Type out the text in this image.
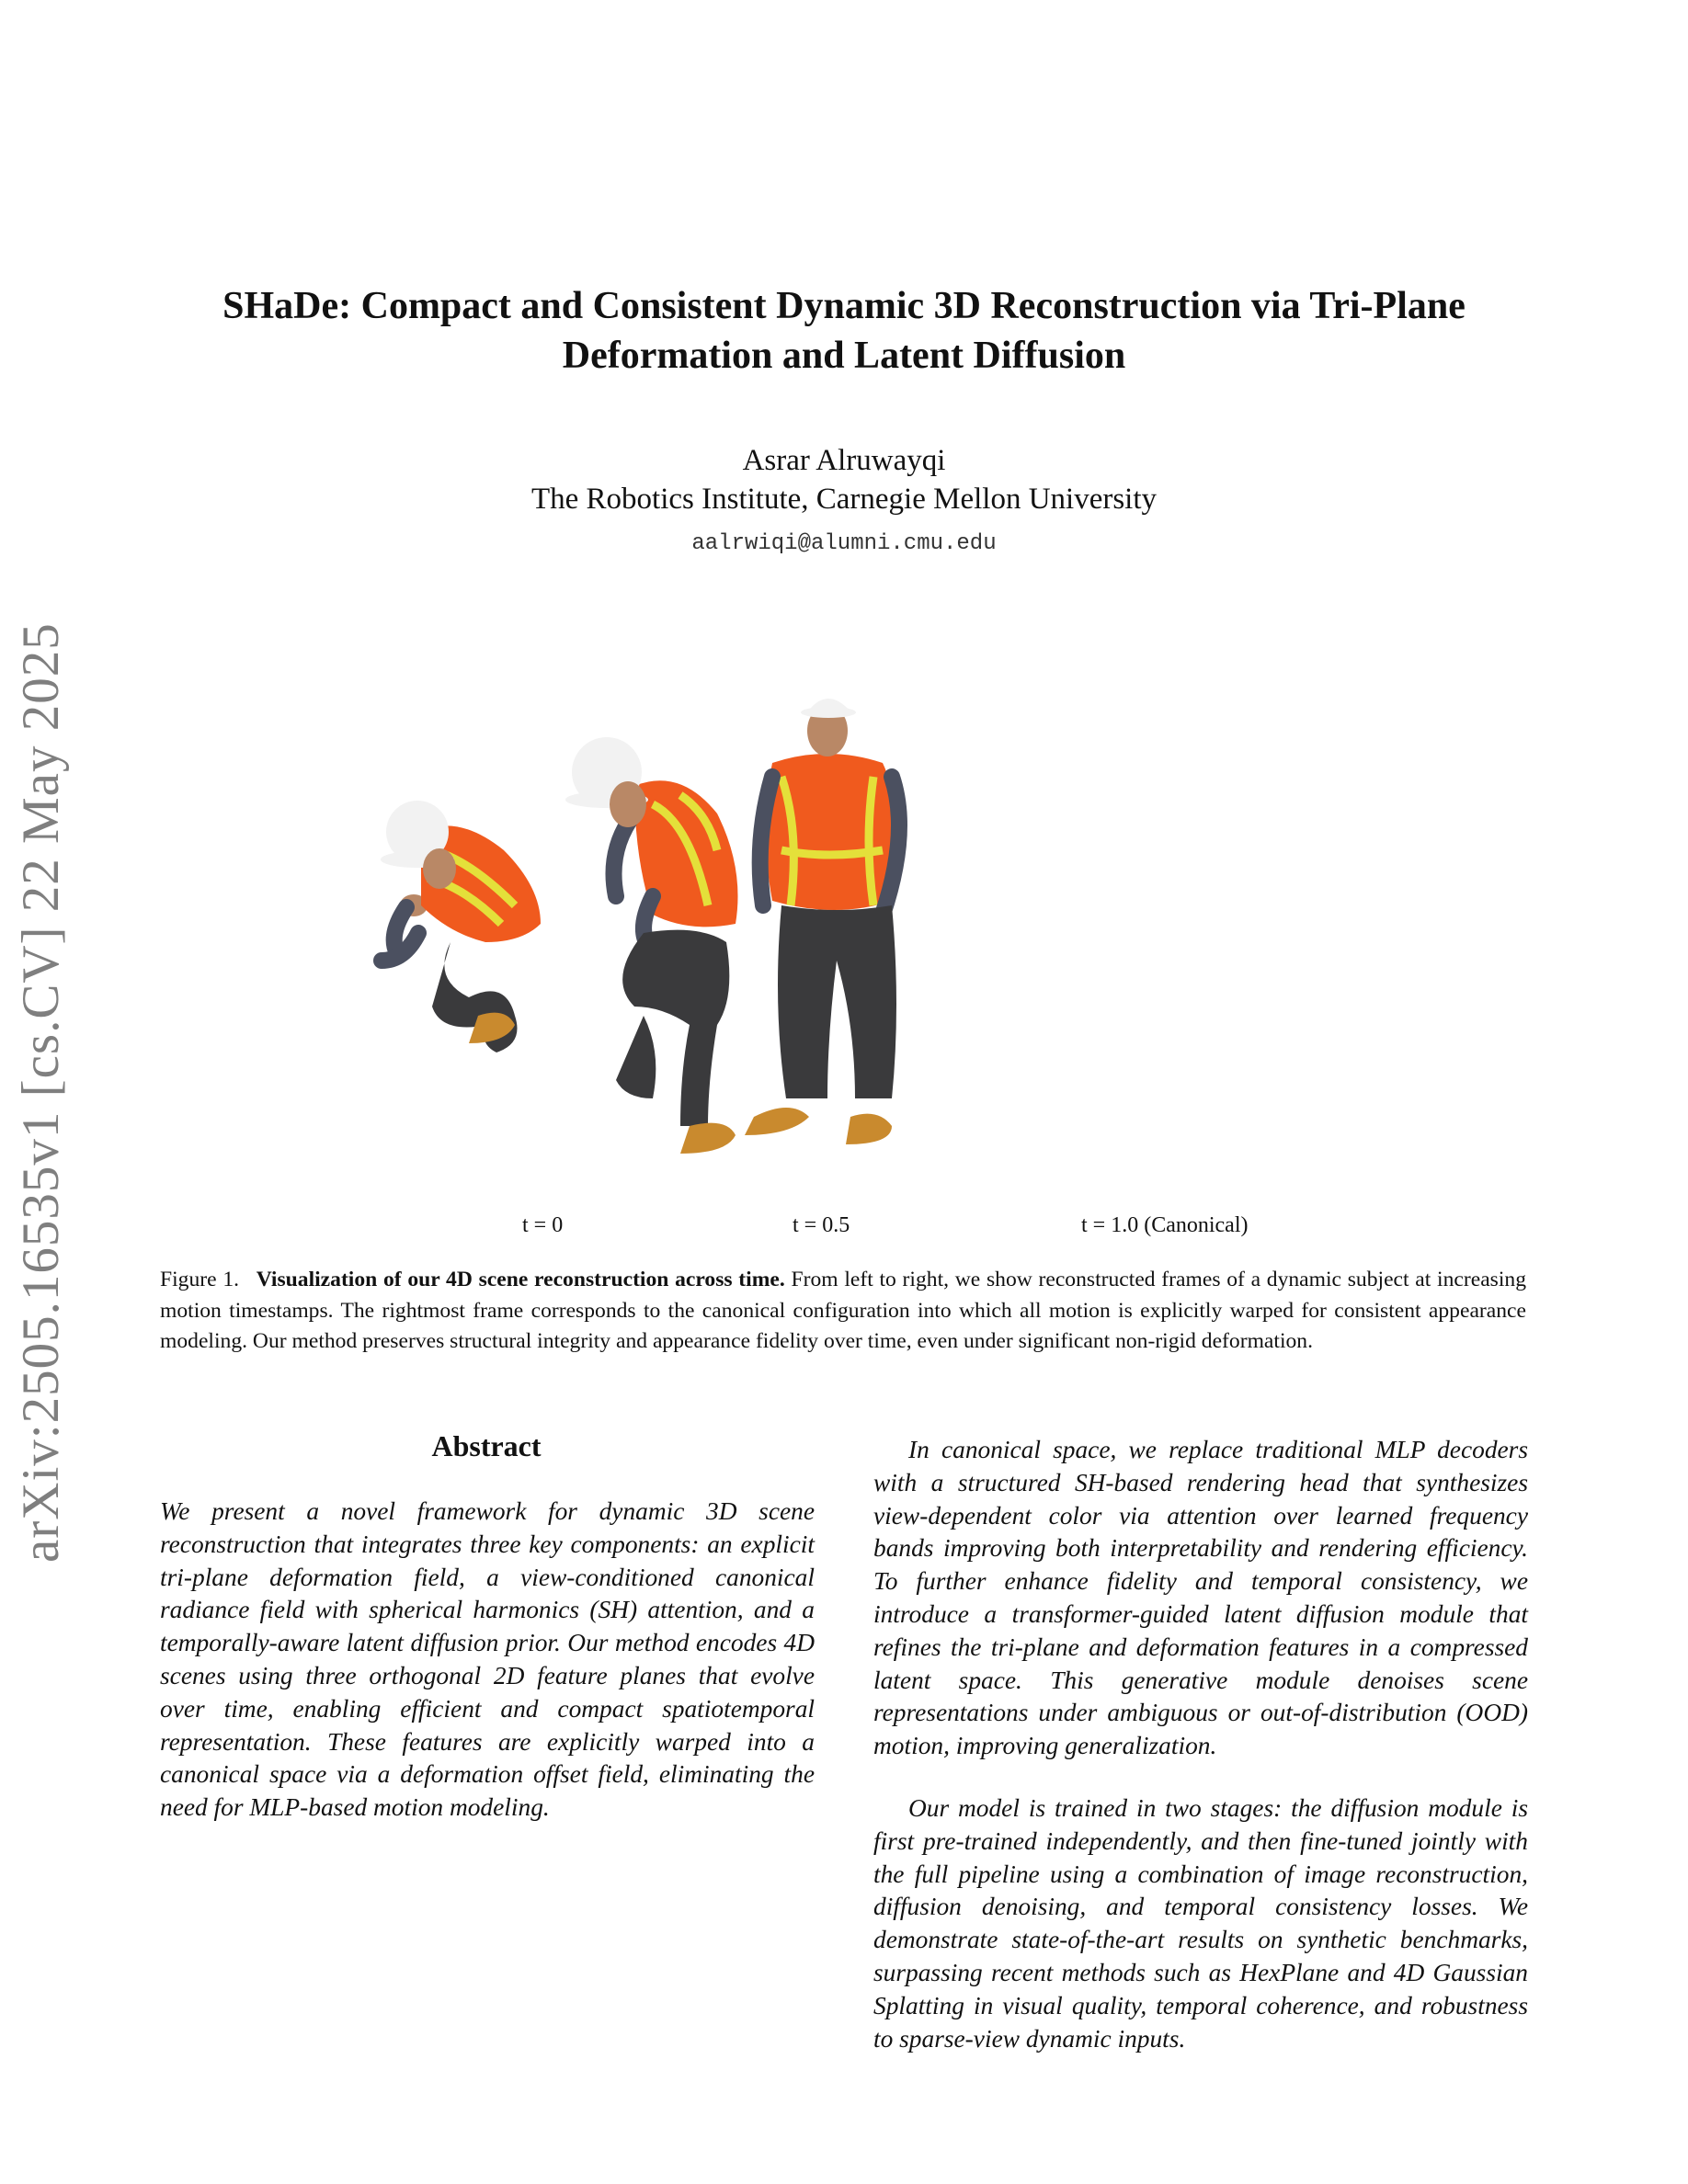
arXiv:2505.16535v1 [cs.CV] 22 May 2025
SHaDe: Compact and Consistent Dynamic 3D Reconstruction via Tri-Plane Deformation and Latent Diffusion
Asrar Alruwayqi
The Robotics Institute, Carnegie Mellon University
aalrwiqi@alumni.cmu.edu
t = 0	t = 0.5	t = 1.0 (Canonical)
Figure 1. Visualization of our 4D scene reconstruction across time. From left to right, we show reconstructed frames of a dynamic subject at increasing motion timestamps. The rightmost frame corresponds to the canonical configuration into which all motion is explicitly warped for consistent appearance modeling. Our method preserves structural integrity and appearance fidelity over time, even under significant non-rigid deformation.
Abstract

We present a novel framework for dynamic 3D scene reconstruction that integrates three key components: an explicit tri-plane deformation field, a view-conditioned canonical radiance field with spherical harmonics (SH) attention, and a temporally-aware latent diffusion prior. Our method encodes 4D scenes using three orthogonal 2D feature planes that evolve over time, enabling efficient and compact spatiotemporal representation. These features are explicitly warped into a canonical space via a deformation offset field, eliminating the need for MLP-based motion modeling.

In canonical space, we replace traditional MLP decoders with a structured SH-based rendering head that synthesizes view-dependent color via attention over learned frequency bands improving both interpretability and rendering efficiency. To further enhance fidelity and temporal consistency, we introduce a transformer-guided latent diffusion module that refines the tri-plane and deformation features in a compressed latent space. This generative module denoises scene representations under ambiguous or out-of-distribution (OOD) motion, improving generalization.

Our model is trained in two stages: the diffusion module is first pre-trained independently, and then fine-tuned jointly with the full pipeline using a combination of image reconstruction, diffusion denoising, and temporal consistency losses. We demonstrate state-of-the-art results on synthetic benchmarks, surpassing recent methods such as HexPlane and 4D Gaussian Splatting in visual quality, temporal coherence, and robustness to sparse-view dynamic inputs.
